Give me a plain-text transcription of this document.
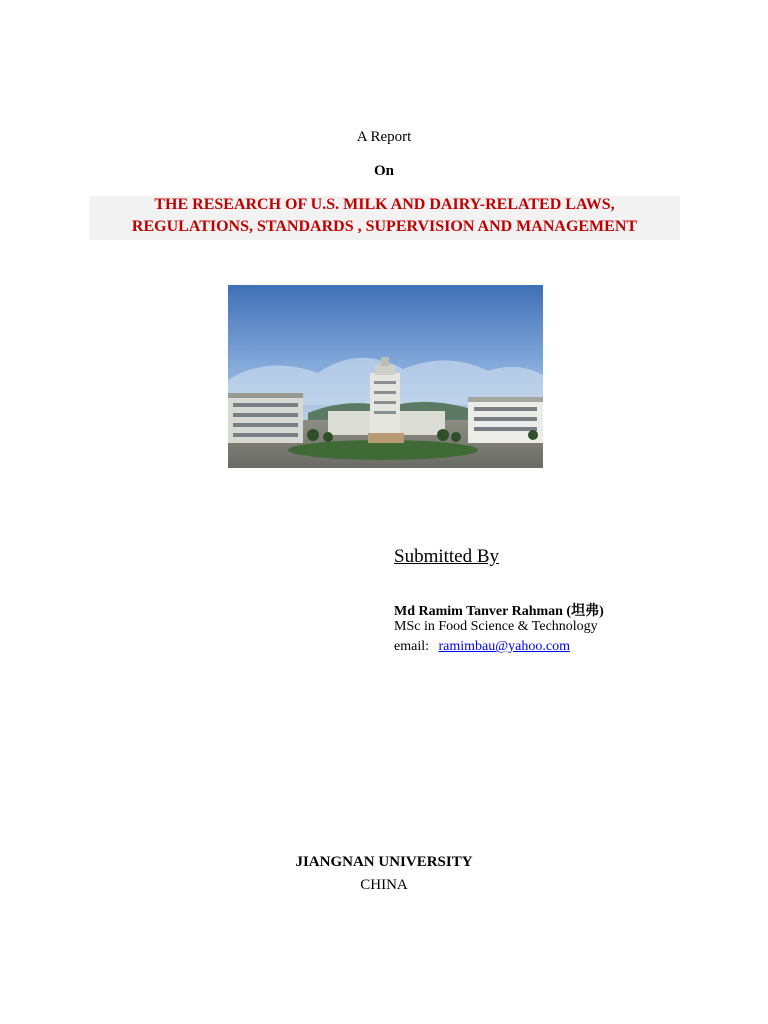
A Report
On
THE RESEARCH OF U.S. MILK AND DAIRY-RELATED LAWS,
REGULATIONS, STANDARDS , SUPERVISION AND MANAGEMENT
Submitted By
Md Ramim Tanver Rahman (坦弗)
MSc in Food Science & Technology
email: ramimbau@yahoo.com
JIANGNAN UNIVERSITY
CHINA
